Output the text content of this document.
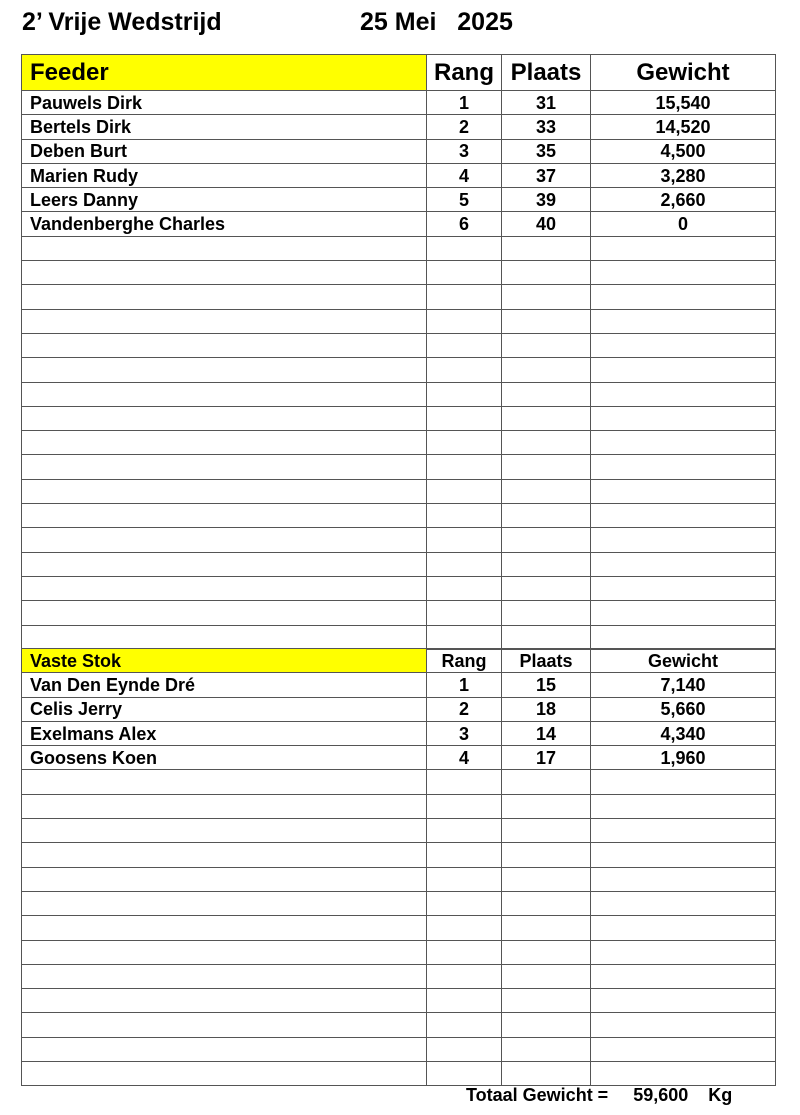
2’ Vrije Wedstrijd	25 Mei   2025
Feeder	Rang	Plaats	Gewicht
Pauwels Dirk	1	31	15,540
Bertels Dirk	2	33	14,520
Deben Burt	3	35	4,500
Marien Rudy	4	37	3,280
Leers Danny	5	39	2,660
Vandenberghe Charles	6	40	0

Vaste Stok	Rang	Plaats	Gewicht
Van Den Eynde Dré	1	15	7,140
Celis Jerry	2	18	5,660
Exelmans Alex	3	14	4,340
Goosens Koen	4	17	1,960

Totaal Gewicht = 59,600 Kg
